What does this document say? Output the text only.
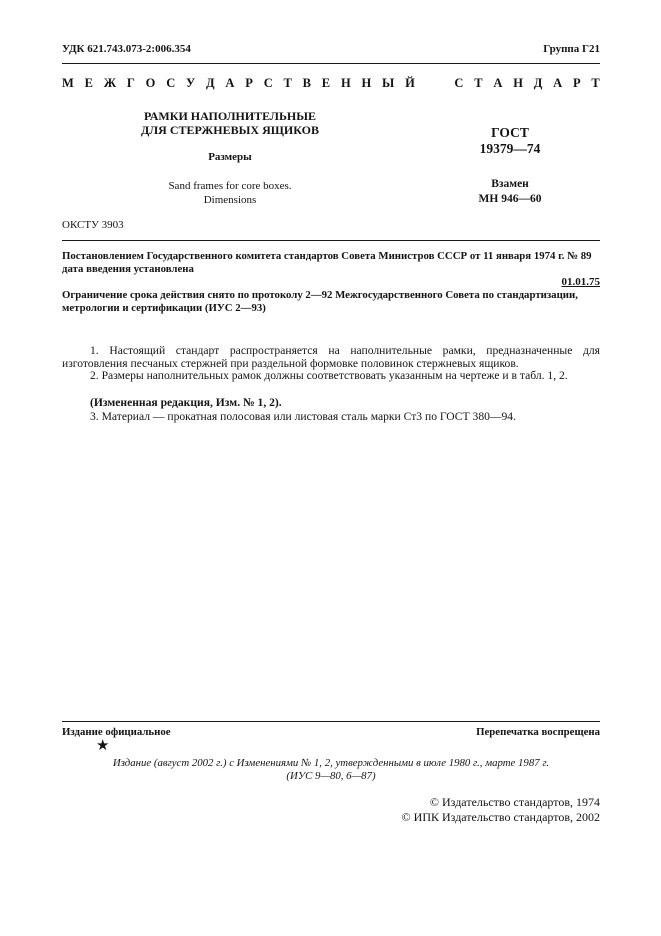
УДК 621.743.073-2:006.354	Группа Г21
М Е Ж Г О С У Д А Р С Т В Е Н Н Ы Й	С Т А Н Д А Р Т
РАМКИ НАПОЛНИТЕЛЬНЫЕ
ДЛЯ СТЕРЖНЕВЫХ ЯЩИКОВ
Размеры
Sand frames for core boxes.
Dimensions
ГОСТ
19379—74
Взамен
МН 946—60
ОКСТУ 3903
Постановлением Государственного комитета стандартов Совета Министров СССР от 11 января 1974 г. № 89 дата введения установлена
01.01.75
Ограничение срока действия снято по протоколу 2—92 Межгосударственного Совета по стандартизации, метрологии и сертификации (ИУС 2—93)
1. Настоящий стандарт распространяется на наполнительные рамки, предназначенные для изготовления песчаных стержней при раздельной формовке половинок стержневых ящиков.
2. Размеры наполнительных рамок должны соответствовать указанным на чертеже и в табл. 1, 2.
(Измененная редакция, Изм. № 1, 2).
3. Материал — прокатная полосовая или листовая сталь марки Ст3 по ГОСТ 380—94.
Издание официальное	Перепечатка воспрещена
★
Издание (август 2002 г.) с Изменениями № 1, 2, утвержденными в июле 1980 г., марте 1987 г.
(ИУС 9—80, 6—87)
© Издательство стандартов, 1974
© ИПК Издательство стандартов, 2002
